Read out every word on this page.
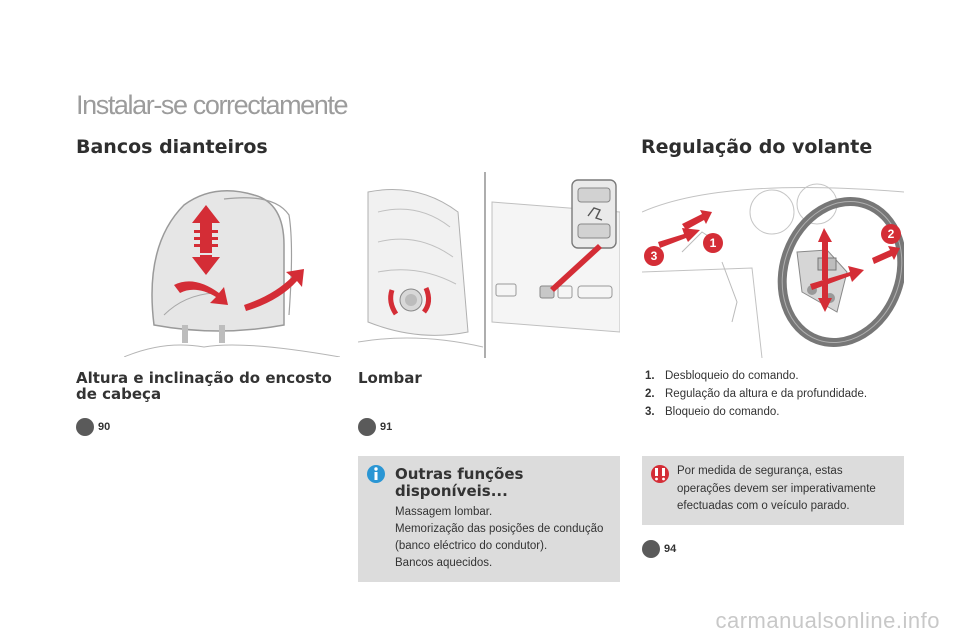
Instalar-se correctamente
Bancos dianteiros	Regulação do volante
1
2
3
Altura e inclinação do encosto de cabeça
90
Lombar
91
1. Desbloqueio do comando.
2. Regulação da altura e da profundidade.
3. Bloqueio do comando.
Outras funções disponíveis...
Massagem lombar.
Memorização das posições de condução (banco eléctrico do condutor).
Bancos aquecidos.
Por medida de segurança, estas operações devem ser imperativamente efectuadas com o veículo parado.
94
carmanualsonline.info
